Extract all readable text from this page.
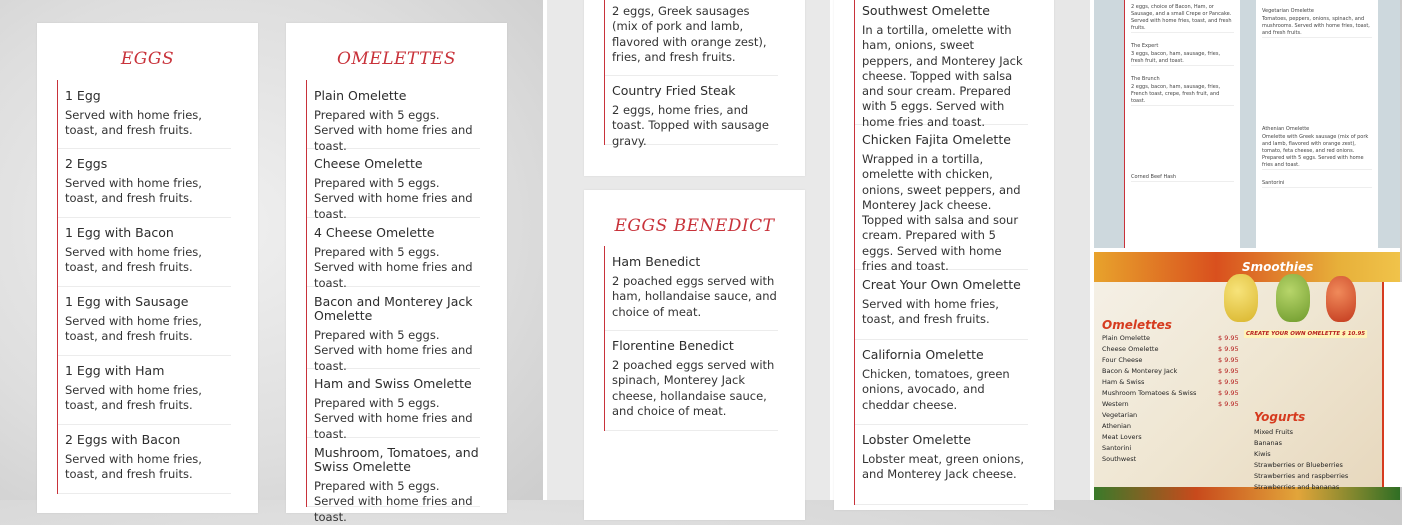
EGGS
1 Egg
Served with home fries, toast, and fresh fruits.
2 Eggs
Served with home fries, toast, and fresh fruits.
1 Egg with Bacon
Served with home fries, toast, and fresh fruits.
1 Egg with Sausage
Served with home fries, toast, and fresh fruits.
1 Egg with Ham
Served with home fries, toast, and fresh fruits.
2 Eggs with Bacon
Served with home fries, toast, and fresh fruits.
OMELETTES
Plain Omelette
Prepared with 5 eggs. Served with home fries and toast.
Cheese Omelette
Prepared with 5 eggs. Served with home fries and toast.
4 Cheese Omelette
Prepared with 5 eggs. Served with home fries and toast.
Bacon and Monterey Jack Omelette
Prepared with 5 eggs. Served with home fries and toast.
Ham and Swiss Omelette
Prepared with 5 eggs. Served with home fries and toast.
Mushroom, Tomatoes, and Swiss Omelette
Prepared with 5 eggs. Served with home fries and toast.
2 eggs, Greek sausages (mix of pork and lamb, flavored with orange zest), fries, and fresh fruits.
Country Fried Steak
2 eggs, home fries, and toast. Topped with sausage gravy.
EGGS BENEDICT
Ham Benedict
2 poached eggs served with ham, hollandaise sauce, and choice of meat.
Florentine Benedict
2 poached eggs served with spinach, Monterey Jack cheese, hollandaise sauce, and choice of meat.
Southwest Omelette
In a tortilla, omelette with ham, onions, sweet peppers, and Monterey Jack cheese. Topped with salsa and sour cream. Prepared with 5 eggs. Served with home fries and toast.
Chicken Fajita Omelette
Wrapped in a tortilla, omelette with chicken, onions, sweet peppers, and Monterey Jack cheese. Topped with salsa and sour cream. Prepared with 5 eggs. Served with home fries and toast.
Creat Your Own Omelette
Served with home fries, toast, and fresh fruits.
California Omelette
Chicken, tomatoes, green onions, avocado, and cheddar cheese.
Lobster Omelette
Lobster meat, green onions, and Monterey Jack cheese.
2 eggs, choice of Bacon, Ham, or Sausage, and a small Crepe or Pancake. Served with home fries, toast, and fresh fruits.
The Expert
3 eggs, bacon, ham, sausage, fries, fresh fruit, and toast.
The Brunch
2 eggs, bacon, ham, sausage, fries, French toast, crepe, fresh fruit, and toast.
Corned Beef Hash
Vegetarian Omelette
Tomatoes, peppers, onions, spinach, and mushrooms. Served with home fries, toast, and fresh fruits.
Athenian Omelette
Omelette with Greek sausage (mix of pork and lamb, flavored with orange zest), tomato, feta cheese, and red onions. Prepared with 5 eggs. Served with home fries and toast.
Santorini
Omelettes
Smoothies
Yogurts
CREATE YOUR OWN OMELETTE $ 10.95
Plain Omelette
Cheese Omelette
Four Cheese
Bacon & Monterey Jack
Ham & Swiss
Mushroom Tomatoes & Swiss
Western
Vegetarian
Athenian
Meat Lovers
Santorini
Southwest
$ 9.95
$ 9.95
$ 9.95
$ 9.95
$ 9.95
$ 9.95
$ 9.95
Mixed Fruits
Bananas
Kiwis
Strawberries or Blueberries
Strawberries and raspberries
Strawberries and bananas
